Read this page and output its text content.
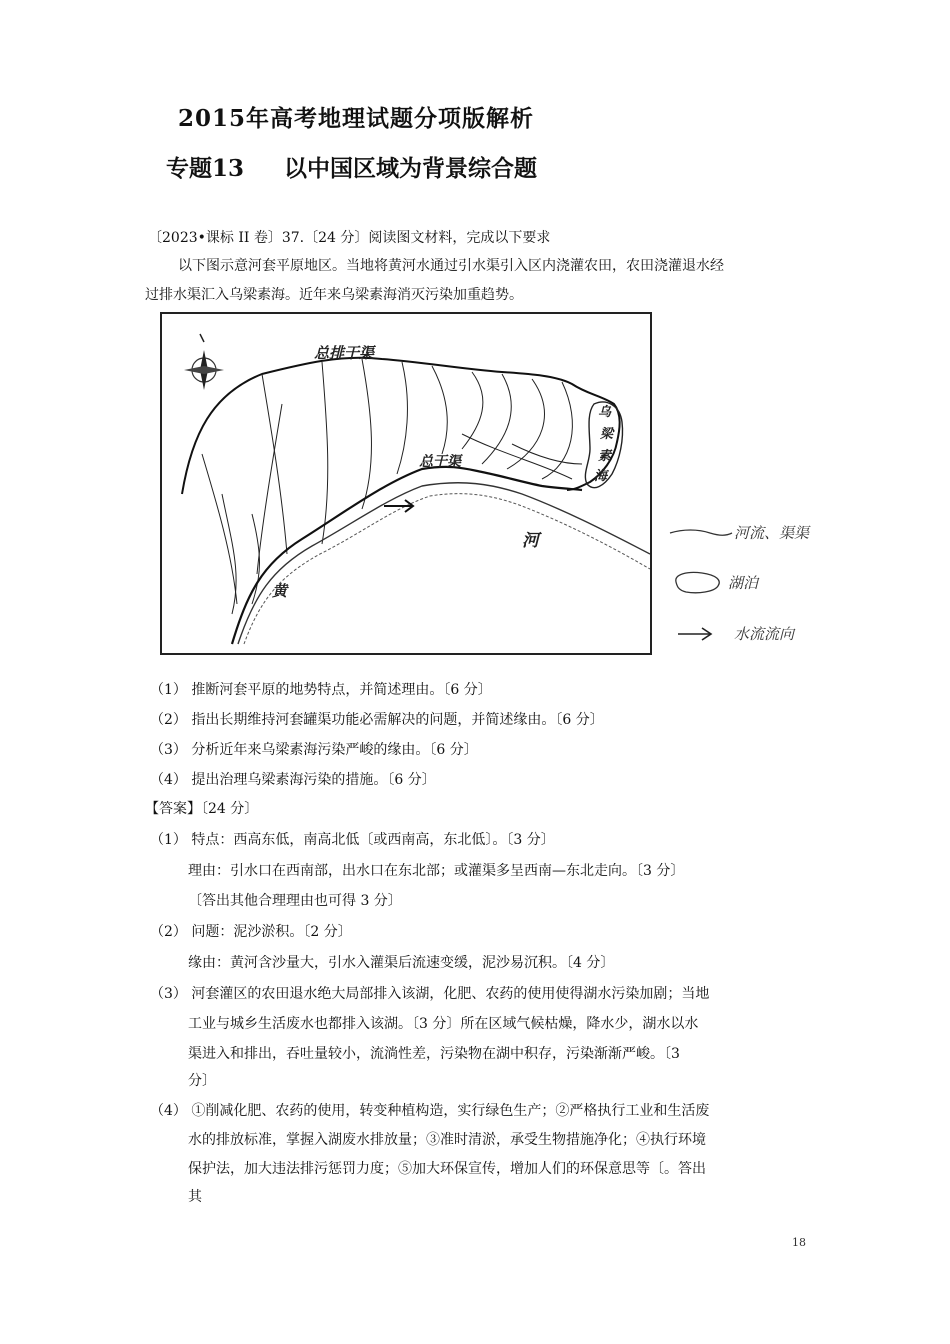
2015年高考地理试题分项版解析
专题13 以中国区域为背景综合题
〔2023•课标 II 卷〕37.〔24 分〕阅读图文材料，完成以下要求
以下图示意河套平原地区。当地将黄河水通过引水渠引入区内浇灌农田，农田浇灌退水经
过排水渠汇入乌梁素海。近年来乌梁素海消灭污染加重趋势。
总排干渠
总干渠
乌
梁
素
海
河
黄
河流、渠渠
湖泊
水流流向
（1） 推断河套平原的地势特点，并简述理由。〔6 分〕
（2） 指出长期维持河套罐渠功能必需解决的问题，并简述缘由。〔6 分〕
（3） 分析近年来乌梁素海污染严峻的缘由。〔6 分〕
（4） 提出治理乌梁素海污染的措施。〔6 分〕
【答案】〔24 分〕
（1） 特点：西高东低，南高北低〔或西南高，东北低〕。〔3 分〕
理由：引水口在西南部，出水口在东北部；或灌渠多呈西南—东北走向。〔3 分〕
〔答出其他合理理由也可得 3 分〕
（2） 问题：泥沙淤积。〔2 分〕
缘由：黄河含沙量大，引水入灌渠后流速变缓，泥沙易沉积。〔4 分〕
（3） 河套灌区的农田退水绝大局部排入该湖，化肥、农药的使用使得湖水污染加剧；当地
工业与城乡生活废水也都排入该湖。〔3 分〕所在区域气候枯燥，降水少，湖水以水
渠进入和排出，吞吐量较小，流淌性差，污染物在湖中积存，污染渐渐严峻。〔3
分〕
（4） ①削减化肥、农药的使用，转变种植构造，实行绿色生产；②严格执行工业和生活废
水的排放标准，掌握入湖废水排放量；③准时清淤，承受生物措施净化；④执行环境
保护法，加大违法排污惩罚力度；⑤加大环保宣传，增加人们的环保意思等〔。答出
其
18
